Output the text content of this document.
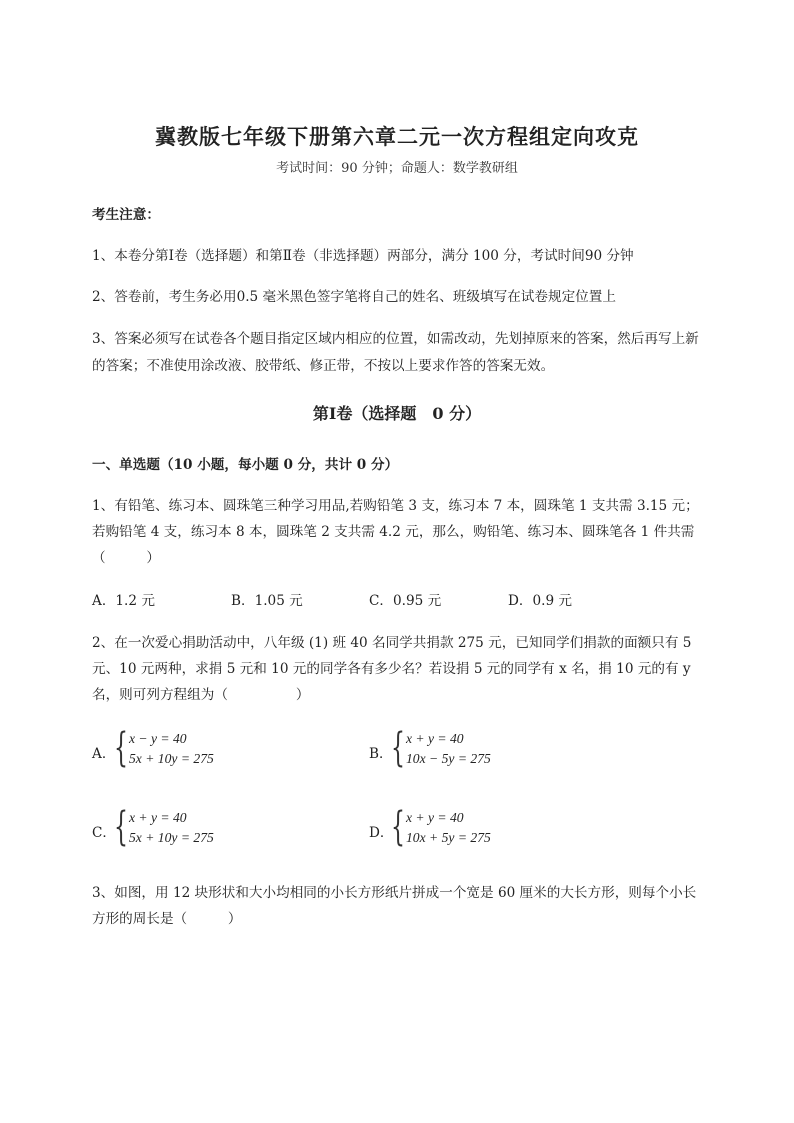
冀教版七年级下册第六章二元一次方程组定向攻克
考试时间：90 分钟；命题人：数学教研组
考生注意：
1、本卷分第Ⅰ卷（选择题）和第Ⅱ卷（非选择题）两部分，满分 100 分，考试时间90 分钟
2、答卷前，考生务必用0.5 毫米黑色签字笔将自己的姓名、班级填写在试卷规定位置上
3、答案必须写在试卷各个题目指定区域内相应的位置，如需改动，先划掉原来的答案，然后再写上新
的答案；不准使用涂改液、胶带纸、修正带，不按以上要求作答的答案无效。
第Ⅰ卷（选择题　0 分）
一、单选题（10 小题，每小题 0 分，共计 0 分）
1、有铅笔、练习本、圆珠笔三种学习用品,若购铅笔 3 支，练习本 7 本，圆珠笔 1 支共需 3.15 元；
若购铅笔 4 支，练习本 8 本，圆珠笔 2 支共需 4.2 元，那么，购铅笔、练习本、圆珠笔各 1 件共需
（　　　）
A．1.2 元	B．1.05 元	C．0.95 元	D．0.9 元
2、在一次爱心捐助活动中，八年级 (1) 班 40 名同学共捐款 275 元，已知同学们捐款的面额只有 5
元、10 元两种，求捐 5 元和 10 元的同学各有多少名？若设捐 5 元的同学有 x 名，捐 10 元的有 y
名，则可列方程组为（　　　　　）
A．
{ x − y = 40
5x + 10y = 275	B．
{ x + y = 40
10x − 5y = 275
C．
{ x + y = 40
5x + 10y = 275	D．
{ x + y = 40
10x + 5y = 275
3、如图，用 12 块形状和大小均相同的小长方形纸片拼成一个宽是 60 厘米的大长方形，则每个小长
方形的周长是（　　　）
